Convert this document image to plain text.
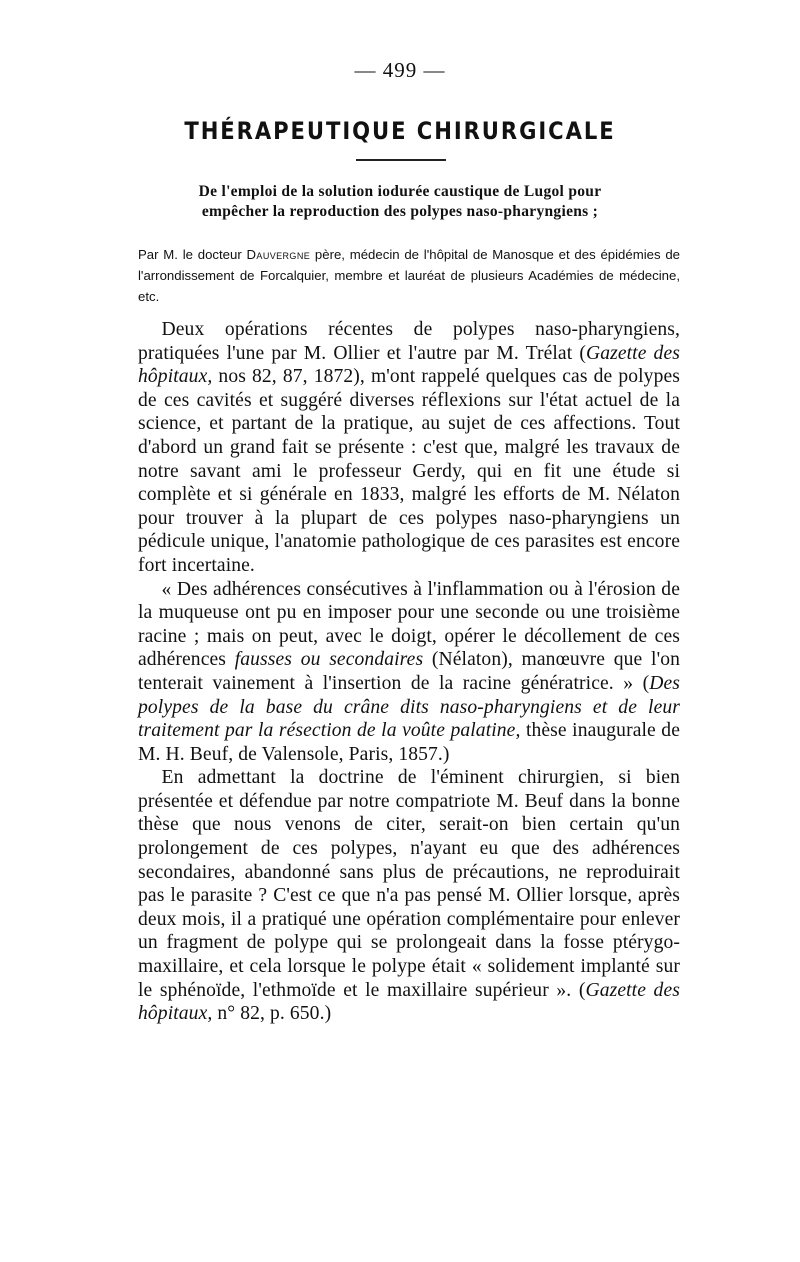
— 499 —
THÉRAPEUTIQUE CHIRURGICALE
De l'emploi de la solution iodurée caustique de Lugol pour
empêcher la reproduction des polypes naso-pharyngiens ;
Par M. le docteur Dauvergne père, médecin de l'hôpital de Manosque et des épidémies de l'arrondissement de Forcalquier, membre et lauréat de plusieurs Académies de médecine, etc.

Deux opérations récentes de polypes naso-pharyngiens, pratiquées l'une par M. Ollier et l'autre par M. Trélat (Gazette des hôpitaux, nos 82, 87, 1872), m'ont rappelé quelques cas de polypes de ces cavités et suggéré diverses réflexions sur l'état actuel de la science, et partant de la pratique, au sujet de ces affections. Tout d'abord un grand fait se présente : c'est que, malgré les travaux de notre savant ami le professeur Gerdy, qui en fit une étude si complète et si générale en 1833, malgré les efforts de M. Nélaton pour trouver à la plupart de ces polypes naso-pharyngiens un pédicule unique, l'anatomie pathologique de ces parasites est encore fort incertaine.

« Des adhérences consécutives à l'inflammation ou à l'érosion de la muqueuse ont pu en imposer pour une seconde ou une troisième racine ; mais on peut, avec le doigt, opérer le décollement de ces adhérences fausses ou secondaires (Nélaton), manœuvre que l'on tenterait vainement à l'insertion de la racine génératrice. » (Des polypes de la base du crâne dits naso-pharyngiens et de leur traitement par la résection de la voûte palatine, thèse inaugurale de M. H. Beuf, de Valensole, Paris, 1857.)

En admettant la doctrine de l'éminent chirurgien, si bien présentée et défendue par notre compatriote M. Beuf dans la bonne thèse que nous venons de citer, serait-on bien certain qu'un prolongement de ces polypes, n'ayant eu que des adhérences secondaires, abandonné sans plus de précautions, ne reproduirait pas le parasite ? C'est ce que n'a pas pensé M. Ollier lorsque, après deux mois, il a pratiqué une opération complémentaire pour enlever un fragment de polype qui se prolongeait dans la fosse ptérygo-maxillaire, et cela lorsque le polype était « solidement implanté sur le sphénoïde, l'ethmoïde et le maxillaire supérieur ». (Gazette des hôpitaux, n° 82, p. 650.)
